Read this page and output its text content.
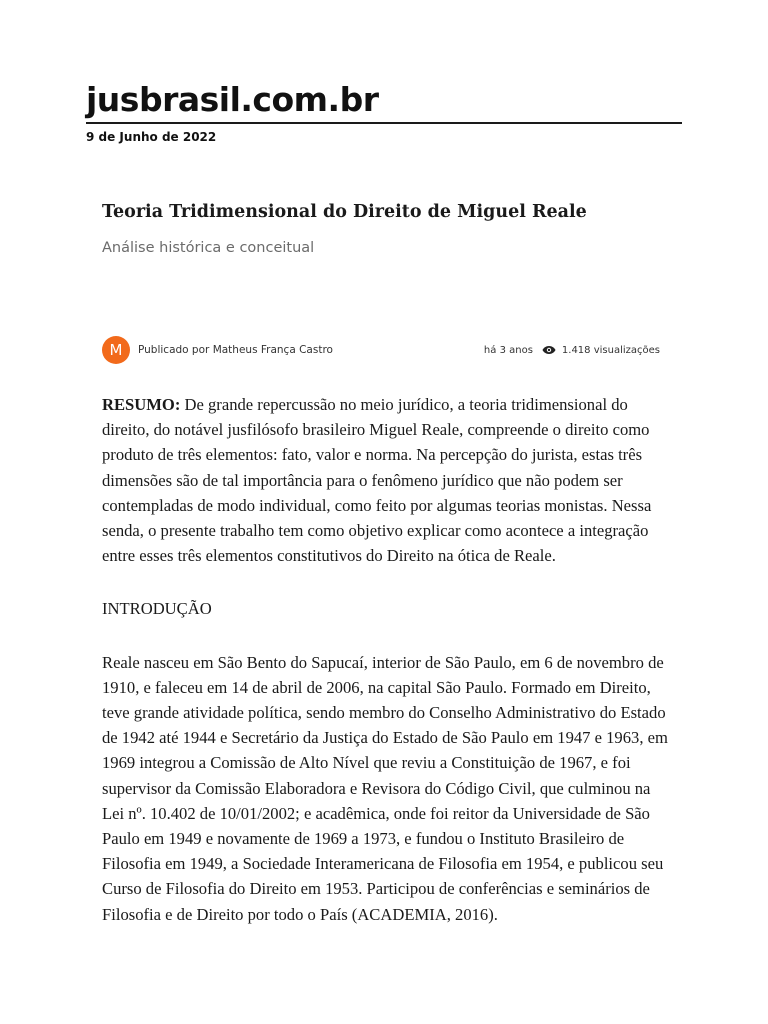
jusbrasil.com.br
9 de Junho de 2022
Teoria Tridimensional do Direito de Miguel Reale
Análise histórica e conceitual
M	Publicado por Matheus França Castro	há 3 anos	1.418 visualizações

RESUMO: De grande repercussão no meio jurídico, a teoria tridimensional do direito, do notável jusfilósofo brasileiro Miguel Reale, compreende o direito como produto de três elementos: fato, valor e norma. Na percepção do jurista, estas três dimensões são de tal importância para o fenômeno jurídico que não podem ser contempladas de modo individual, como feito por algumas teorias monistas. Nessa senda, o presente trabalho tem como objetivo explicar como acontece a integração entre esses três elementos constitutivos do Direito na ótica de Reale.

INTRODUÇÃO

Reale nasceu em São Bento do Sapucaí, interior de São Paulo, em 6 de novembro de 1910, e faleceu em 14 de abril de 2006, na capital São Paulo. Formado em Direito, teve grande atividade política, sendo membro do Conselho Administrativo do Estado de 1942 até 1944 e Secretário da Justiça do Estado de São Paulo em 1947 e 1963, em 1969 integrou a Comissão de Alto Nível que reviu a Constituição de 1967, e foi supervisor da Comissão Elaboradora e Revisora do Código Civil, que culminou na Lei nº. 10.402 de 10/01/2002; e acadêmica, onde foi reitor da Universidade de São Paulo em 1949 e novamente de 1969 a 1973, e fundou o Instituto Brasileiro de Filosofia em 1949, a Sociedade Interamericana de Filosofia em 1954, e publicou seu Curso de Filosofia do Direito em 1953. Participou de conferências e seminários de Filosofia e de Direito por todo o País (ACADEMIA, 2016).
